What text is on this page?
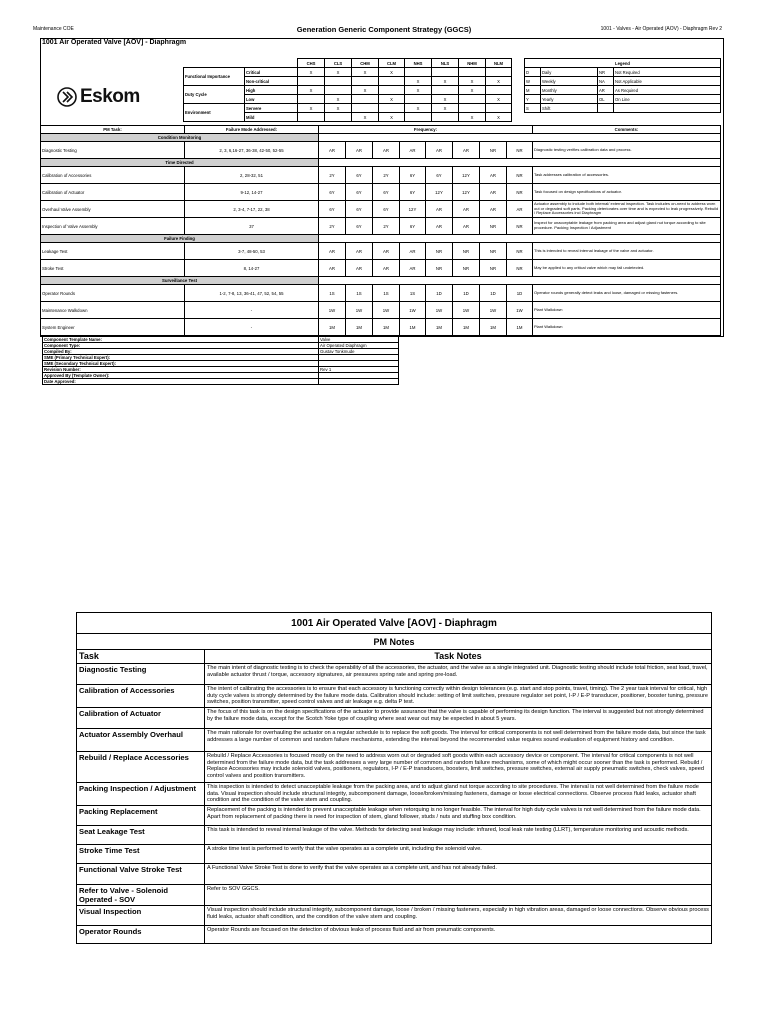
Maintenance COE	Generation Generic Component Strategy (GGCS)	1001 - Valves - Air Operated (AOV) - Diaphragm Rev 2
1001 Air Operated Valve [AOV] - Diaphragm
Eskom
		CHS	CLS	CHM	CLM	NHS	NLS	NHM	NLM
Functional Importance	Critical	X	X	X	X				
	Non-critical					X	X	X	X
Duty Cycle	High	X		X		X		X	
	Low		X		X		X		X
Environment	Servere	X	X			X	X		
	Mild			X	X			X	X
Legend			
D	Daily	NR	Not Required
W	Weekly	NA	Not Applicable
M	Monthly	AR	As Required
Y	Yearly	OL	On Line
S	Shift		
PM Task:	Failure Mode Addressed:	Frequency:								Comments:
Condition Monitoring										
Diagnostic Testing	2, 3, 6,16-27, 36-38, 42-50, 52-55	AR	AR	AR	AR	AR	AR	NR	NR	Diagnostic testing verifies calibration data and process.
Time Directed										
Calibration of Accessories	2, 28-32, 51	2Y	6Y	2Y	6Y	6Y	12Y	AR	NR	Task addresses calibration of accessories.
Calibration of Actuator	9-12, 14-27	6Y	6Y	6Y	6Y	12Y	12Y	AR	NR	Task focused on design specifications of actuator.
Overhaul Valve Assembly	2, 3-4, 7-17, 22, 38	6Y	6Y	6Y	12Y	AR	AR	AR	AR	Actuator assembly to include both internal/ external inspection. Task includes on-need to address worn out or degraded soft parts. Packing deteriorates over time and is expected to leak progressively. Rebuild / Replace Accessories incl Diaphragm
Inspection of Valve Assembly	37	2Y	6Y	2Y	6Y	AR	AR	NR	NR	Inspect for unacceptable leakage from packing area and adjust gland nut torque according to site procedure. Packing Inspection / Adjustment
Failure Finding										
Leakage Test	3-7, 48-50, 53	AR	AR	AR	AR	NR	NR	NR	NR	This is intended to reveal internal leakage of the valve and actuator.
Stroke Test	8, 14-27	AR	AR	AR	AR	NR	NR	NR	NR	May be applied to any critical valve which may fail undetected.
Surveillance Test										
Operator Rounds	1-2, 7-8, 13, 36-41, 47, 52, 54, 55	1S	1S	1S	1S	1D	1D	1D	1D	Operator rounds generally detect leaks and loose, damaged or missing fasteners.
Maintenance Walkdown	-	1W	1W	1W	1W	1W	1W	1W	1W	Plant Walkdown
System Engineer	-	1M	1M	1M	1M	1M	1M	1M	1M	Plant Walkdown
Component Template Name:	Valve
Component Type:	Air Operated Diaphragm
Compiled By:	Gustav Tonkmude
SME (Primary Technical Expert):	
SME (Secondary Technical Expert):	
Revision Number:	Rev 1
Approved By (Template Owner):	
Date Approved:	
1001 Air Operated Valve [AOV] - Diaphragm	
PM Notes	
Task	Task Notes
Diagnostic Testing	The main intent of diagnostic testing is to check the operability of all the accessories, the actuator, and the valve as a single integrated unit. Diagnostic testing should include total friction, seat load, travel, available actuator thrust / torque, accessory signatures, air pressures spring rate and spring pre-load.
Calibration of Accessories	The intent of calibrating the accessories is to ensure that each accessory is functioning correctly within design tolerances (e.g. start and stop points, travel, timing). The 2 year task interval for critical, high duty cycle valves is strongly determined by the failure mode data. Calibration should include: setting of limit switches, pressure regulator set point, I-P / E-P transducer, positioner, booster tuning, pressure switches, position transmitter, speed control valves and air leakage e.g. delta P test.
Calibration of Actuator	The focus of this task is on the design specifications of the actuator to provide assurance that the valve is capable of performing its design function. The interval is suggested but not strongly determined by the failure mode data, except for the Scotch Yoke type of coupling where seat wear out may be expected in about 5 years.
Actuator Assembly Overhaul	The main rationale for overhauling the actuator on a regular schedule is to replace the soft goods. The interval for critical components is not well determined from the failure mode data, but since the task addresses a large number of common and random failure mechanisms, extending the interval beyond the recommended value requires sound evaluation of equipment history and condition.
Rebuild / Replace Accessories	Rebuild / Replace Accessories is focused mostly on the need to address worn out or degraded soft goods within each accessory device or component. The interval for critical components is not well determined from the failure mode data, but the task addresses a very large number of common and random failure mechanisms, some of which might occur sooner than the task is performed. Rebuild / Replace Accessories may include solenoid valves, positioners, regulators, I-P / E-P transducers, boosters, limit switches, pressure switches, external air supply pneumatic switches, check valves, speed control valves and position transmitters.
Packing Inspection / Adjustment	This inspection is intended to detect unacceptable leakage from the packing area, and to adjust gland nut torque according to site procedures. The interval is not well determined from the failure mode data. Visual inspection should include structural integrity, subcomponent damage, loose/broken/missing fasteners, damage or loose electrical connections. Observe process fluid leaks, actuator shaft condition and the condition of the valve stem and coupling.
Packing Replacement	Replacement of the packing is intended to prevent unacceptable leakage when retorquing is no longer feasible. The interval for high duty cycle valves is not well determined from the failure mode data. Apart from replacement of packing there is need for inspection of stem, gland follower, studs / nuts and stuffing box condition.
Seat Leakage Test	This task is intended to reveal internal leakage of the valve. Methods for detecting seat leakage may include: infrared, local leak rate testing (LLRT), temperature monitoring and acoustic methods.
Stroke Time Test	A stroke time test is performed to verify that the valve operates as a complete unit, including the solenoid valve.
Functional Valve Stroke Test	A Functional Valve Stroke Test is done to verify that the valve operates as a complete unit, and has not already failed.
Refer to Valve - Solenoid Operated - SOV	Refer to SOV GGCS.
Visual Inspection	Visual inspection should include structural integrity, subcomponent damage, loose / broken / missing fasteners, especially in high vibration areas, damaged or loose connections. Observe obvious process fluid leaks, actuator shaft condition, and the condition of the valve stem and coupling.
Operator Rounds	Operator Rounds are focused on the detection of obvious leaks of process fluid and air from pneumatic components.
